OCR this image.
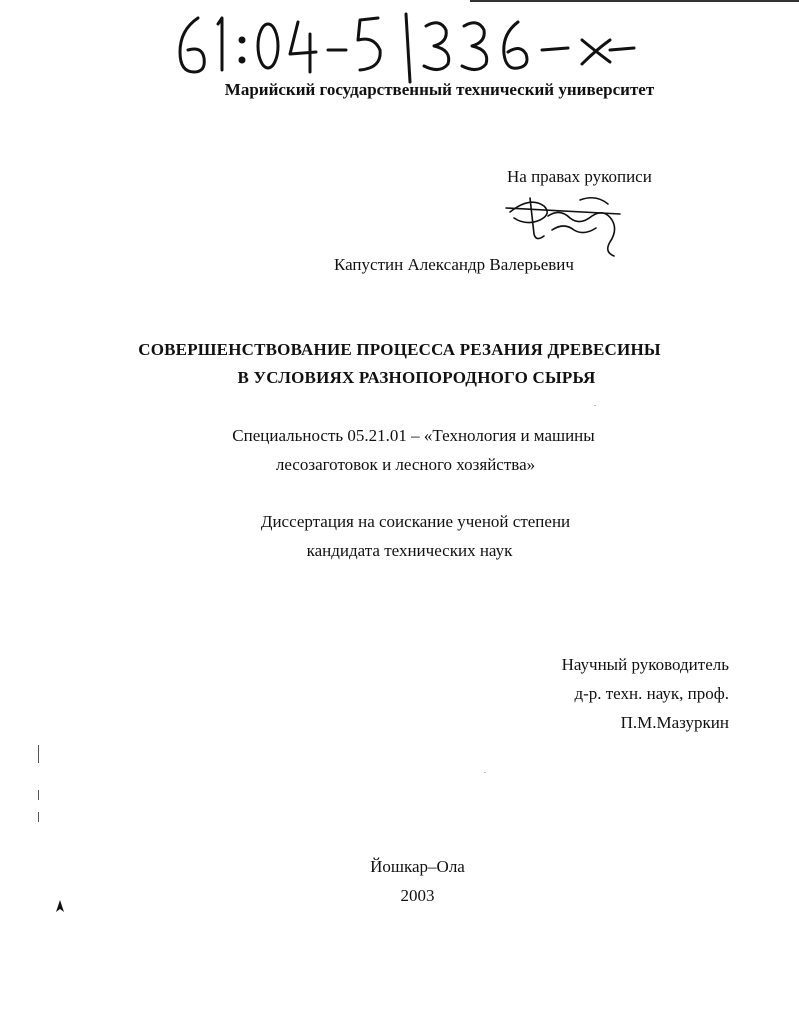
Марийский государственный технический университет
На правах рукописи
Капустин Александр Валерьевич
СОВЕРШЕНСТВОВАНИЕ ПРОЦЕССА РЕЗАНИЯ ДРЕВЕСИНЫ
В УСЛОВИЯХ РАЗНОПОРОДНОГО СЫРЬЯ
Специальность 05.21.01 – «Технология и машины
лесозаготовок и лесного хозяйства»
Диссертация на соискание ученой степени
кандидата технических наук
Научный руководитель
д-р. техн. наук, проф.
П.М.Мазуркин
Йошкар–Ола
2003
